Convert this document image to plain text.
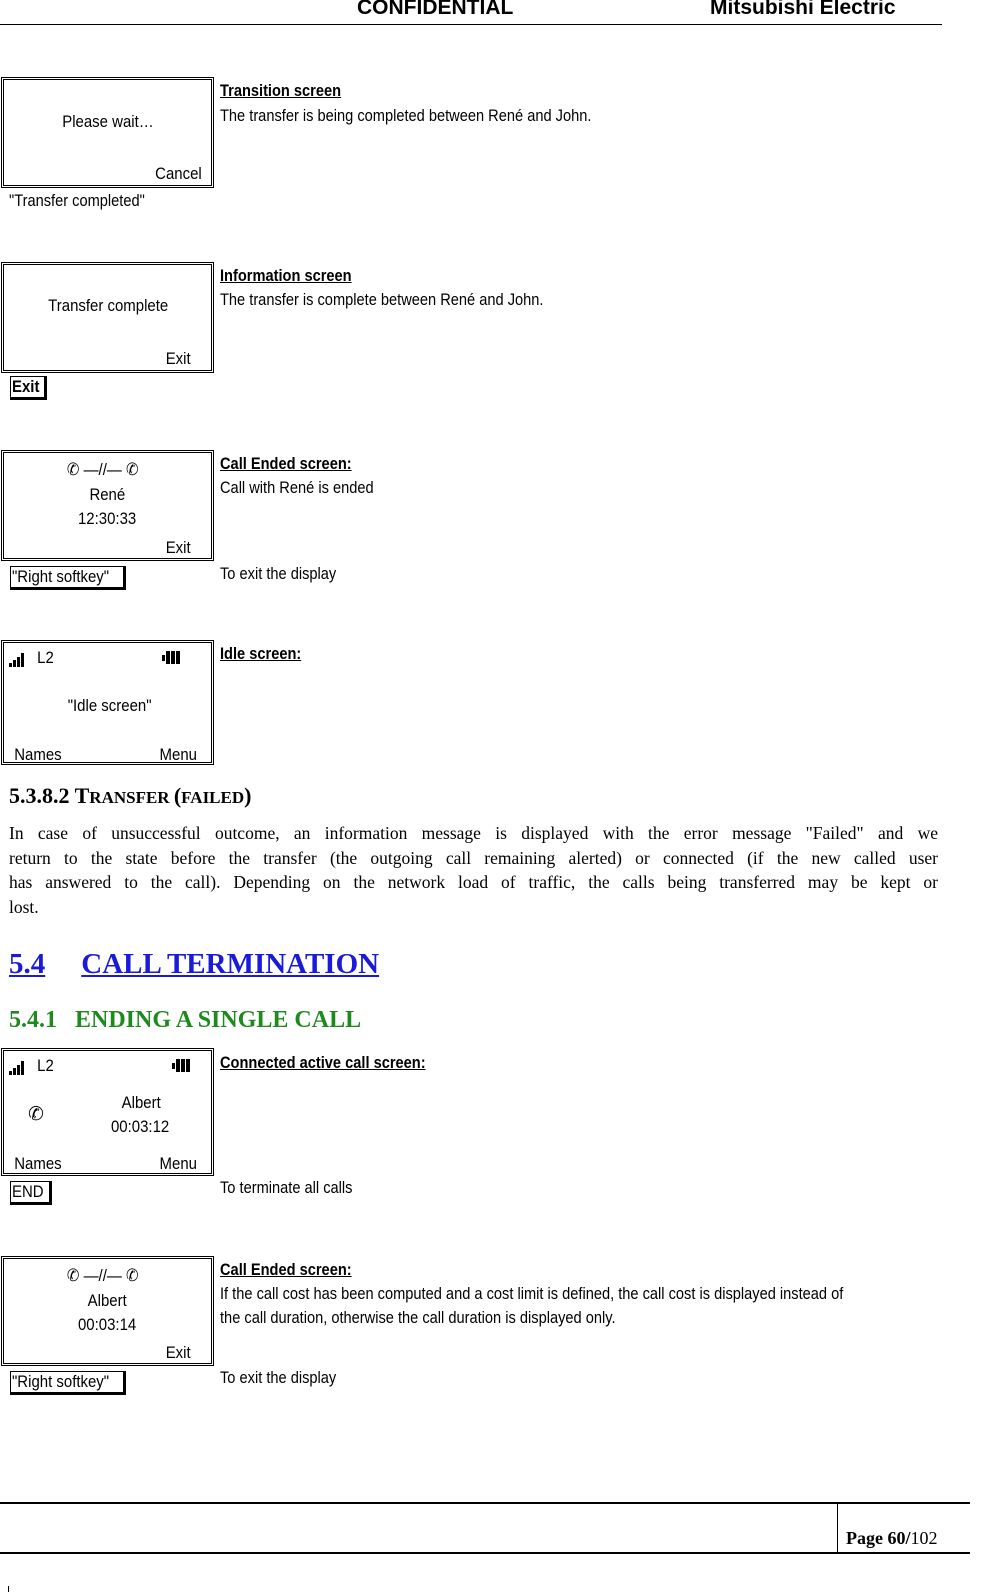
CONFIDENTIAL	Mitsubishi Electric
Please wait…
Cancel
"Transfer completed"
Transition screen
The transfer is being completed between René and John.
Transfer complete
Exit
Exit
Information screen
The transfer is complete between René and John.
✆ —//— ✆
René
12:30:33
Exit
"Right softkey"
Call Ended screen:
Call with René is ended
To exit the display
L2
"Idle screen"
Names	Menu
Idle screen:
5.3.8.2 TRANSFER (FAILED)
In case of unsuccessful outcome, an information message is displayed with the error message "Failed" and we
return to the state before the transfer (the outgoing call remaining alerted) or connected (if the new called user
has answered to the call). Depending on the network load of traffic, the calls being transferred may be kept or
lost.
5.4 CALL TERMINATION
5.4.1 ENDING A SINGLE CALL
L2
✆
Albert
00:03:12
Names	Menu
END
Connected active call screen:
To terminate all calls
✆ —//— ✆
Albert
00:03:14
Exit
"Right softkey"
Call Ended screen:
If the call cost has been computed and a cost limit is defined, the call cost is displayed instead of
the call duration, otherwise the call duration is displayed only.
To exit the display
Page 60/102
